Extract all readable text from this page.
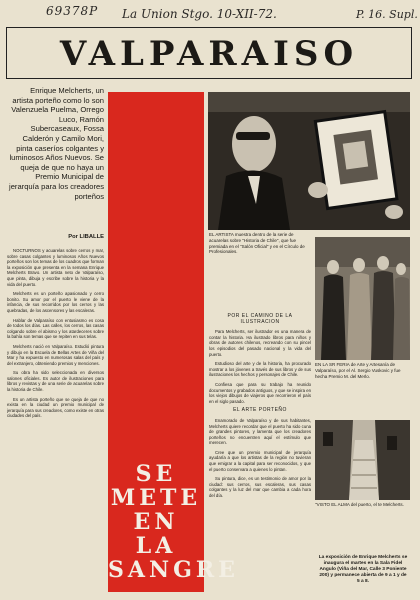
69378P La Union Stgo. 10-XII-72.	P. 16. Supl.
VALPARAISO
Enrique Melcherts, un artista porteño como lo son Valenzuela Puelma, Orrego Luco, Ramón Subercaseaux, Fossa Calderón y Camilo Mori, pinta caseríos colgantes y luminosos Años Nuevos. Se queja de que no haya un Premio Municipal de jerarquía para los creadores porteños
Por LIBALLE

NOCTURNOS y acuarelas sobre cerros y mar, sobre casas colgantes y luminosos Años Nuevos porteños son los temas de los cuadros que forman la exposición que presenta en la semana Enrique Melcherts Bravo. Un artista neto de Valparaíso, que pinta, dibuja y escribe sobre la historia y la vida del puerto.

Melcherts es un porteño apasionado y cerro bonito. Su amor por el puerto le viene de la infancia, de sus recorridos por los cerros y las quebradas, de los ascensores y las escaleras.

Hablar de Valparaíso con entusiasmo es cosa de todos los días. Las calles, los cerros, las casas colgando sobre el abismo y los atardeceres sobre la bahía son temas que se repiten en sus telas.

Melcherts nació en Valparaíso. Estudió pintura y dibujo en la Escuela de Bellas Artes de Viña del Mar y ha expuesto en numerosas salas del país y del extranjero, obteniendo premios y menciones.

Su obra ha sido seleccionada en diversos salones oficiales. Es autor de ilustraciones para libros y revistas y de una serie de acuarelas sobre la historia de Chile.

Es un artista porteño que se queja de que no exista en la ciudad un premio municipal de jerarquía para sus creadores, como existe en otras ciudades del país.

SE
METE
EN
LA
SANGRE
EL ARTISTA muestra dentro de la serie de acuarelas sobre "Historia de Chile", que fue premiada en el "Salón Oficial" y en el Círculo de Profesionales.
POR EL CAMINO DE LA ILUSTRACION

Para Melcherts, ser ilustrador es una manera de contar la historia. Ha ilustrado libros para niños y obras de autores chilenos, recreando con su pincel los episodios del pasado nacional y la vida del puerto.

Estudioso del arte y de la historia, ha procurado mostrar a los jóvenes a través de sus libros y de sus ilustraciones los hechos y personajes de Chile.

Confiesa que para su trabajo ha reunido documentos y grabados antiguos, y que se inspira en los viejos dibujos de viajeros que recorrieron el país en el siglo pasado.

EL ARTE PORTEÑO

Enamorado de Valparaíso y de sus habitantes, Melcherts quiere recordar que el puerto ha sido cuna de grandes pintores, y lamenta que los creadores porteños no encuentren aquí el estímulo que merecen.

Cree que un premio municipal de jerarquía ayudaría a que los artistas de la región no tuvieran que emigrar a la capital para ser reconocidos, y que el puerto conservara a quienes lo pintan.

Su pintura, dice, es un testimonio de amor por la ciudad: sus cerros, sus escaleras, sus casas colgantes y la luz del mar que cambia a cada hora del día.

EN LA SR FERIA de Arte y Artesanía de Valparaíso, por el Al. Sergio Vuskovic y fue hecha Premio M. del Merlo.
"VISTO EL ALMA del puerto, el te Melcherts.
La exposición de Enrique Melcherts se inaugura el martes en la Sala Fidel Angulo (Viña del Mar, Calle 3 Poniente 200) y permanece abierta de 9 a 1 y de 5 a 8.
